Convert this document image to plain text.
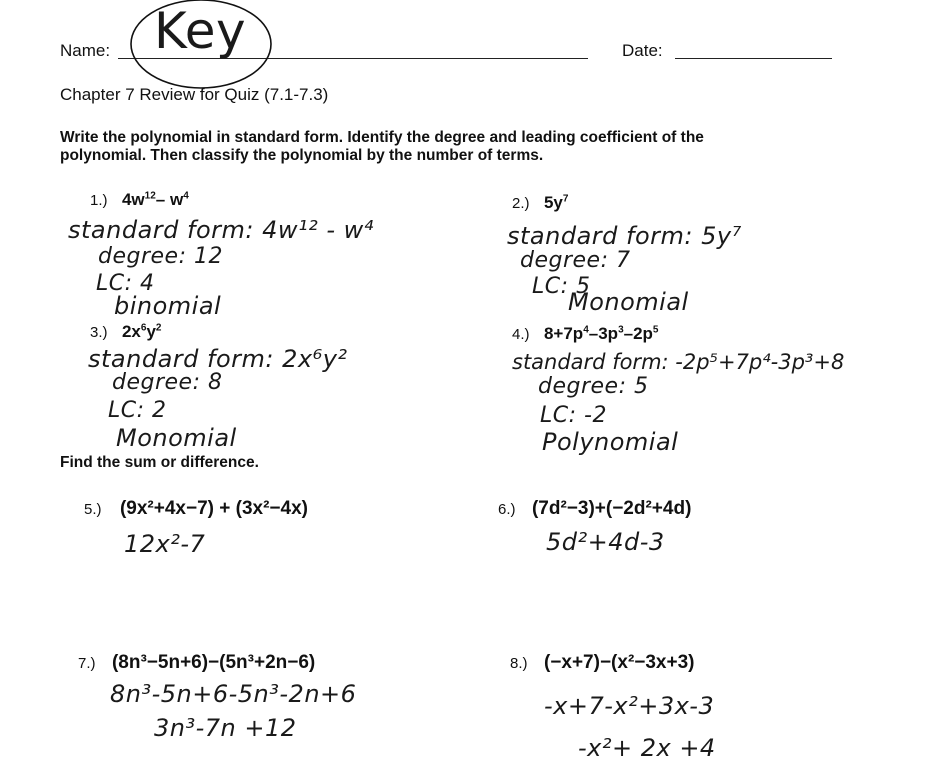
Name:	Date:
Key
Chapter 7 Review for Quiz (7.1-7.3)
Write the polynomial in standard form. Identify the degree and leading coefficient of the
polynomial. Then classify the polynomial by the number of terms.
1.) $4w^{12}-$ $w^4$
standard form: 4w¹² - w⁴
degree: 12
LC: 4
binomial
2.) $5y^7$
standard form: 5y⁷
degree: 7
LC: 5
Monomial
3.) $2x^6y^2$
standard form: 2x⁶y²
degree: 8
LC: 2
Monomial
4.) $8+7p^4-3p^3-2p^5$
standard form: -2p⁵+7p⁴-3p³+8
degree: 5
LC: -2
Polynomial
Find the sum or difference.
5.) (9x²+4x−7) + (3x²−4x)
12x²-7
6.) (7d²−3)+(−2d²+4d)
5d²+4d-3
7.) (8n³−5n+6)−(5n³+2n−6)
8n³-5n+6-5n³-2n+6
3n³-7n +12
8.) (−x+7)−(x²−3x+3)
-x+7-x²+3x-3
-x²+ 2x +4
